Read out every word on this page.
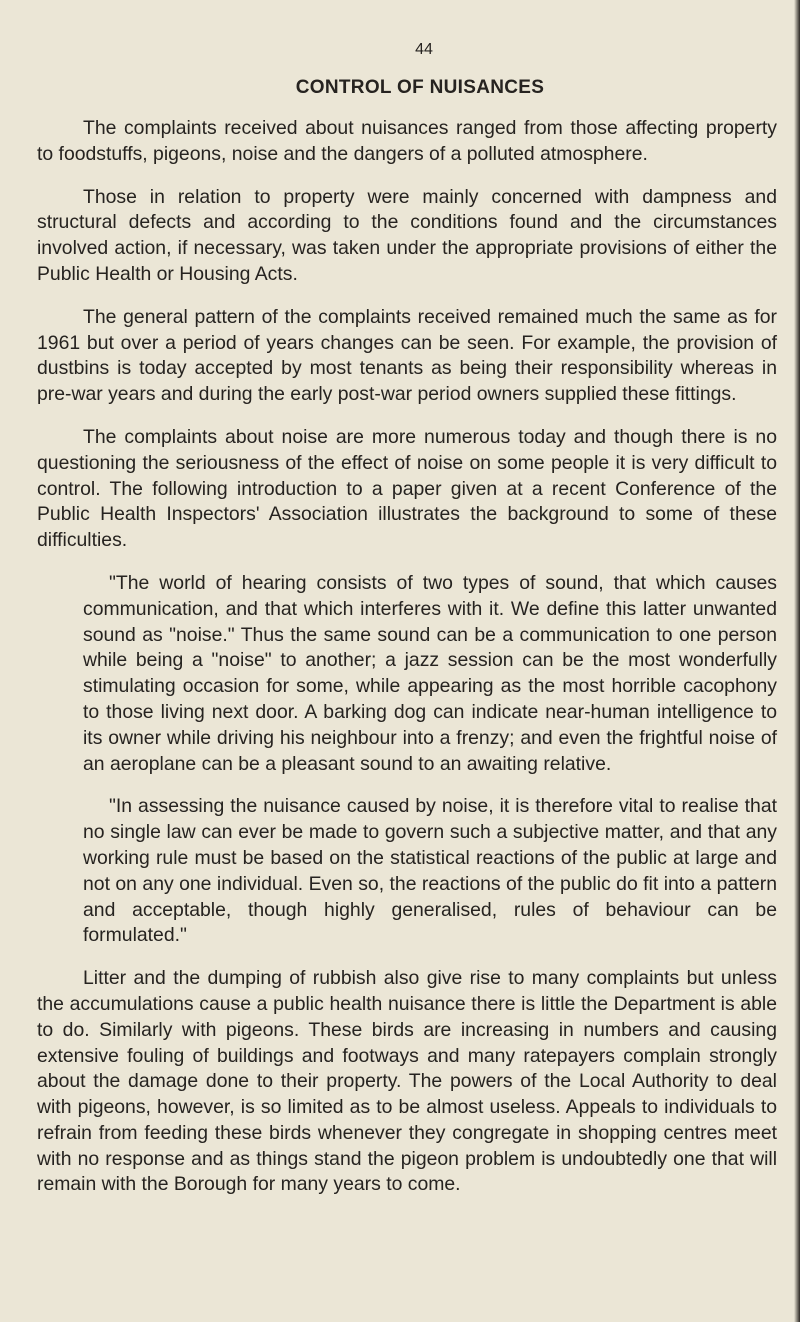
44
CONTROL OF NUISANCES

The complaints received about nuisances ranged from those affecting property to foodstuffs, pigeons, noise and the dangers of a polluted atmosphere.

Those in relation to property were mainly concerned with dampness and structural defects and according to the conditions found and the circumstances involved action, if necessary, was taken under the appropriate provisions of either the Public Health or Housing Acts.

The general pattern of the complaints received remained much the same as for 1961 but over a period of years changes can be seen. For example, the provision of dustbins is today accepted by most tenants as being their responsibility whereas in pre-war years and during the early post-war period owners supplied these fittings.

The complaints about noise are more numerous today and though there is no questioning the seriousness of the effect of noise on some people it is very difficult to control. The following introduction to a paper given at a recent Conference of the Public Health Inspectors' Association illustrates the background to some of these difficulties.

"The world of hearing consists of two types of sound, that which causes communication, and that which interferes with it. We define this latter unwanted sound as "noise." Thus the same sound can be a communication to one person while being a "noise" to another; a jazz session can be the most wonderfully stimulating occasion for some, while appearing as the most horrible cacophony to those living next door. A barking dog can indicate near-human intelligence to its owner while driving his neighbour into a frenzy; and even the frightful noise of an aeroplane can be a pleasant sound to an awaiting relative.

"In assessing the nuisance caused by noise, it is therefore vital to realise that no single law can ever be made to govern such a subjective matter, and that any working rule must be based on the statistical reactions of the public at large and not on any one individual. Even so, the reactions of the public do fit into a pattern and acceptable, though highly generalised, rules of behaviour can be formulated."

Litter and the dumping of rubbish also give rise to many complaints but unless the accumulations cause a public health nuisance there is little the Department is able to do. Similarly with pigeons. These birds are increasing in numbers and causing extensive fouling of buildings and footways and many ratepayers complain strongly about the damage done to their property. The powers of the Local Authority to deal with pigeons, however, is so limited as to be almost useless. Appeals to individuals to refrain from feeding these birds whenever they congregate in shopping centres meet with no response and as things stand the pigeon problem is undoubtedly one that will remain with the Borough for many years to come.
